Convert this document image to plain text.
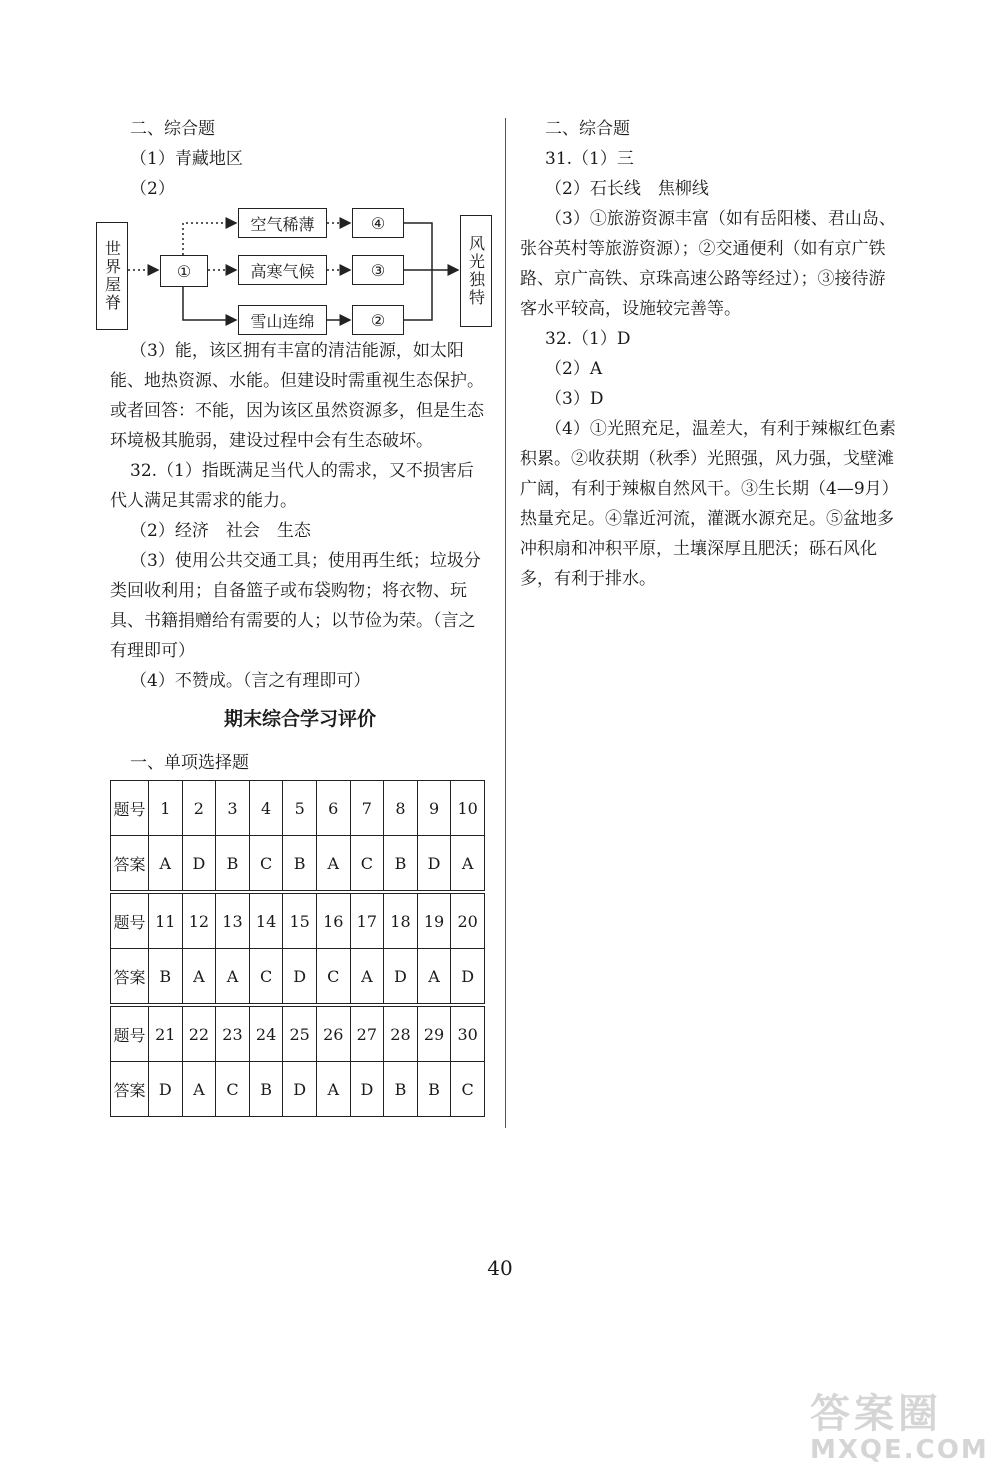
二、综合题
（1）青藏地区
（2）
世界屋脊	①
空气稀薄
高寒气候
雪山连绵
④
③
②
风光独特
（3）能，该区拥有丰富的清洁能源，如太阳
能、地热资源、水能。但建设时需重视生态保护。
或者回答：不能，因为该区虽然资源多，但是生态
环境极其脆弱，建设过程中会有生态破坏。
32.（1）指既满足当代人的需求，又不损害后
代人满足其需求的能力。
（2）经济　社会　生态
（3）使用公共交通工具；使用再生纸；垃圾分
类回收利用；自备篮子或布袋购物；将衣物、玩
具、书籍捐赠给有需要的人；以节俭为荣。（言之
有理即可）
（4）不赞成。（言之有理即可）
期末综合学习评价
一、单项选择题
题号	1	2	3	4	5	6	7	8	9	10
答案	A	D	B	C	B	A	C	B	D	A
题号	11	12	13	14	15	16	17	18	19	20
答案	B	A	A	C	D	C	A	D	A	D
题号	21	22	23	24	25	26	27	28	29	30
答案	D	A	C	B	D	A	D	B	B	C
二、综合题
31.（1）三
（2）石长线　焦柳线
（3）①旅游资源丰富（如有岳阳楼、君山岛、
张谷英村等旅游资源）；②交通便利（如有京广铁
路、京广高铁、京珠高速公路等经过）；③接待游
客水平较高，设施较完善等。
32.（1）D
（2）A
（3）D
（4）①光照充足，温差大，有利于辣椒红色素
积累。②收获期（秋季）光照强，风力强，戈壁滩
广阔，有利于辣椒自然风干。③生长期（4—9月）
热量充足。④靠近河流，灌溉水源充足。⑤盆地多
冲积扇和冲积平原，土壤深厚且肥沃；砾石风化
多，有利于排水。
40
答案圈
MXQE.COM
